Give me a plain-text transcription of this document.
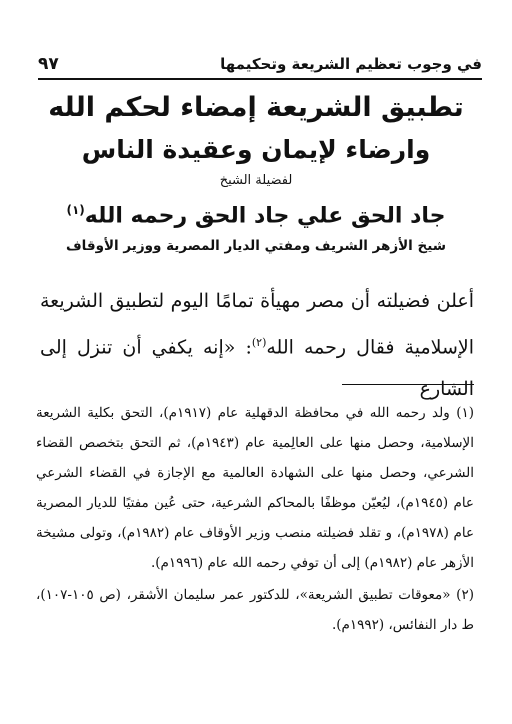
في وجوب تعظيم الشريعة وتحكيمها
٩٧

تطبيق الشريعة إمضاء لحكم الله

وارضاء لإيمان وعقيدة الناس

لفضيلة الشيخ

جاد الحق علي جاد الحق رحمه الله$^{(١)}$

شيخ الأزهر الشريف ومفتي الديار المصرية ووزير الأوقاف

أعلن فضيلته أن مصر مهيأة تمامًا اليوم لتطبيق الشريعة الإسلامية فقال رحمه الله$^{(٢)}$: «إنه يكفي أن تنزل إلى الشارع

(١) ولد رحمه الله في محافظة الدقهلية عام (١٩١٧م)، التحق بكلية الشريعة الإسلامية، وحصل منها على العالِمية عام (١٩٤٣م)، ثم التحق بتخصص القضاء الشرعي، وحصل منها على الشهادة العالمية مع الإجازة في القضاء الشرعي عام (١٩٤٥م)، ليُعيّن موظفًا بالمحاكم الشرعية، حتى عُين مفتيًا للديار المصرية عام (١٩٧٨م)، و تقلد فضيلته منصب وزير الأوقاف عام (١٩٨٢م)، وتولى مشيخة الأزهر عام (١٩٨٢م) إلى أن توفي رحمه الله عام (١٩٩٦م).

(٢) «معوقات تطبيق الشريعة»، للدكتور عمر سليمان الأشقر، (ص ١٠٥-١٠٧)، ط دار النفائس، (١٩٩٢م).
